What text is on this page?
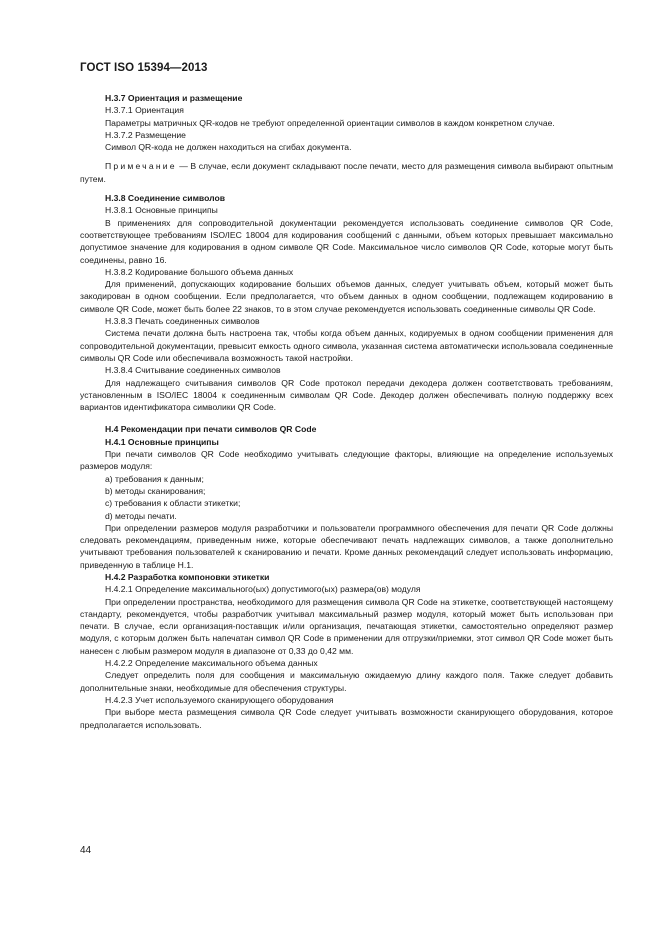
ГОСТ ISO 15394—2013

H.3.7 Ориентация и размещение

H.3.7.1 Ориентация

Параметры матричных QR-кодов не требуют определенной ориентации символов в каждом конкретном случае.

H.3.7.2 Размещение

Символ QR-кода не должен находиться на сгибах документа.

Примечание — В случае, если документ складывают после печати, место для размещения символа выбирают опытным путем.

H.3.8 Соединение символов

H.3.8.1 Основные принципы

В применениях для сопроводительной документации рекомендуется использовать соединение символов QR Code, соответствующее требованиям ISO/IEC 18004 для кодирования сообщений с данными, объем которых превышает максимально допустимое значение для кодирования в одном символе QR Code. Максимальное число символов QR Code, которые могут быть соединены, равно 16.

H.3.8.2 Кодирование большого объема данных

Для применений, допускающих кодирование больших объемов данных, следует учитывать объем, который может быть закодирован в одном сообщении. Если предполагается, что объем данных в одном сообщении, подлежащем кодированию в символе QR Code, может быть более 22 знаков, то в этом случае рекомендуется использовать соединенные символы QR Code.

H.3.8.3 Печать соединенных символов

Система печати должна быть настроена так, чтобы когда объем данных, кодируемых в одном сообщении применения для сопроводительной документации, превысит емкость одного символа, указанная система автоматически использовала соединенные символы QR Code или обеспечивала возможность такой настройки.

H.3.8.4 Считывание соединенных символов

Для надлежащего считывания символов QR Code протокол передачи декодера должен соответствовать требованиям, установленным в ISO/IEC 18004 к соединенным символам QR Code. Декодер должен обеспечивать полную поддержку всех вариантов идентификатора символики QR Code.

H.4 Рекомендации при печати символов QR Code

H.4.1 Основные принципы

При печати символов QR Code необходимо учитывать следующие факторы, влияющие на определение используемых размеров модуля:

a) требования к данным;

b) методы сканирования;

c) требования к области этикетки;

d) методы печати.

При определении размеров модуля разработчики и пользователи программного обеспечения для печати QR Code должны следовать рекомендациям, приведенным ниже, которые обеспечивают печать надлежащих символов, а также дополнительно учитывают требования пользователей к сканированию и печати. Кроме данных рекомендаций следует использовать информацию, приведенную в таблице H.1.

H.4.2 Разработка компоновки этикетки

H.4.2.1 Определение максимального(ых) допустимого(ых) размера(ов) модуля

При определении пространства, необходимого для размещения символа QR Code на этикетке, соответствующей настоящему стандарту, рекомендуется, чтобы разработчик учитывал максимальный размер модуля, который может быть использован при печати. В случае, если организация-поставщик и/или организация, печатающая этикетки, самостоятельно определяют размер модуля, с которым должен быть напечатан символ QR Code в применении для отгрузки/приемки, этот символ QR Code может быть нанесен с любым размером модуля в диапазоне от 0,33 до 0,42 мм.

H.4.2.2 Определение максимального объема данных

Следует определить поля для сообщения и максимальную ожидаемую длину каждого поля. Также следует добавить дополнительные знаки, необходимые для обеспечения структуры.

H.4.2.3 Учет используемого сканирующего оборудования

При выборе места размещения символа QR Code следует учитывать возможности сканирующего оборудования, которое предполагается использовать.

44
